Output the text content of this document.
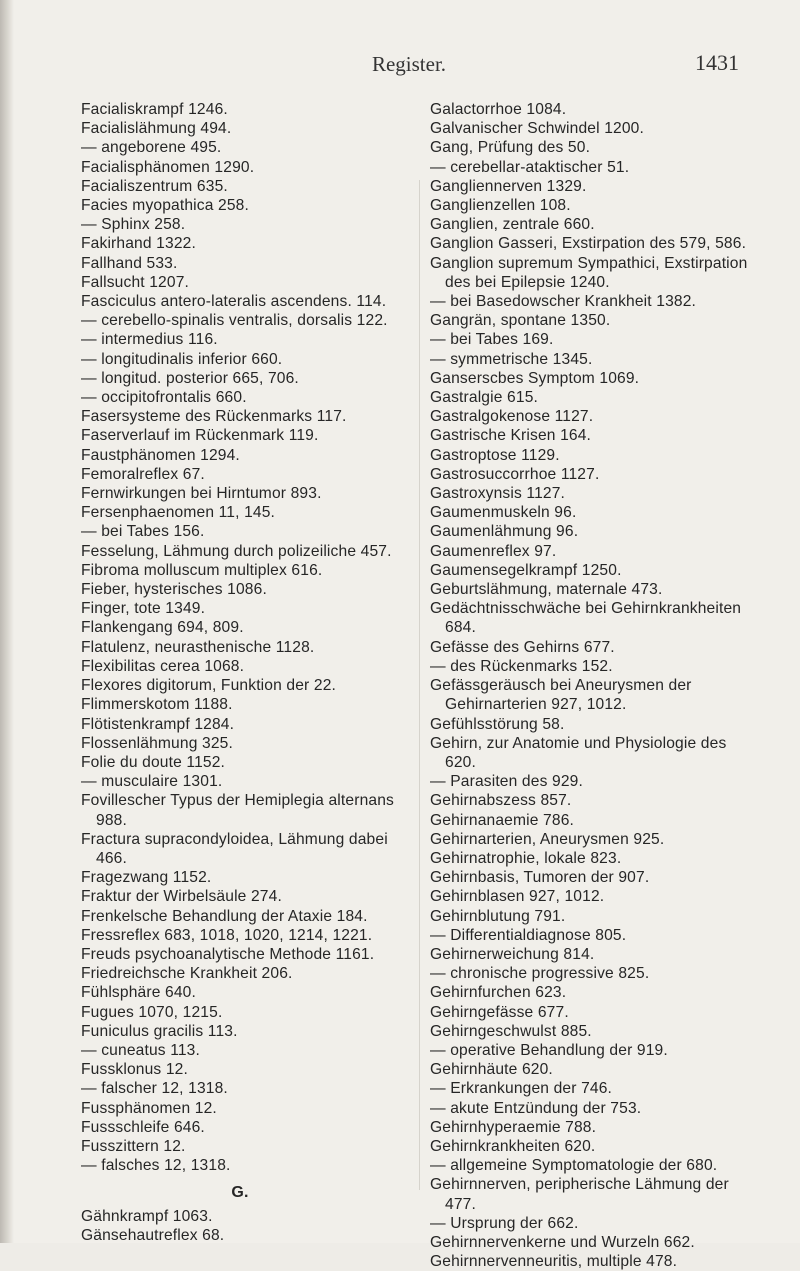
Register.	1431
Facialiskrampf 1246.
Facialislähmung 494.
— angeborene 495.
Facialisphänomen 1290.
Facialiszentrum 635.
Facies myopathica 258.
— Sphinx 258.
Fakirhand 1322.
Fallhand 533.
Fallsucht 1207.
Fasciculus antero-lateralis ascendens. 114.
— cerebello-spinalis ventralis, dorsalis 122.
— intermedius 116.
— longitudinalis inferior 660.
— longitud. posterior 665, 706.
— occipitofrontalis 660.
Fasersysteme des Rückenmarks 117.
Faserverlauf im Rückenmark 119.
Faustphänomen 1294.
Femoralreflex 67.
Fernwirkungen bei Hirntumor 893.
Fersenphaenomen 11, 145.
— bei Tabes 156.
Fesselung, Lähmung durch polizeiliche 457.
Fibroma molluscum multiplex 616.
Fieber, hysterisches 1086.
Finger, tote 1349.
Flankengang 694, 809.
Flatulenz, neurasthenische 1128.
Flexibilitas cerea 1068.
Flexores digitorum, Funktion der 22.
Flimmerskotom 1188.
Flötistenkrampf 1284.
Flossenlähmung 325.
Folie du doute 1152.
— musculaire 1301.
Fovillescher Typus der Hemiplegia alternans 988.
Fractura supracondyloidea, Lähmung dabei 466.
Fragezwang 1152.
Fraktur der Wirbelsäule 274.
Frenkelsche Behandlung der Ataxie 184.
Fressreflex 683, 1018, 1020, 1214, 1221.
Freuds psychoanalytische Methode 1161.
Friedreichsche Krankheit 206.
Fühlsphäre 640.
Fugues 1070, 1215.
Funiculus gracilis 113.
— cuneatus 113.
Fussklonus 12.
— falscher 12, 1318.
Fussphänomen 12.
Fussschleife 646.
Fusszittern 12.
— falsches 12, 1318.
G.
Gähnkrampf 1063.
Gänsehautreflex 68.
Galactorrhoe 1084.
Galvanischer Schwindel 1200.
Gang, Prüfung des 50.
— cerebellar-ataktischer 51.
Gangliennerven 1329.
Ganglienzellen 108.
Ganglien, zentrale 660.
Ganglion Gasseri, Exstirpation des 579, 586.
Ganglion supremum Sympathici, Exstirpation des bei Epilepsie 1240.
— bei Basedowscher Krankheit 1382.
Gangrän, spontane 1350.
— bei Tabes 169.
— symmetrische 1345.
Ganserscbes Symptom 1069.
Gastralgie 615.
Gastralgokenose 1127.
Gastrische Krisen 164.
Gastroptose 1129.
Gastrosuccorrhoe 1127.
Gastroxynsis 1127.
Gaumenmuskeln 96.
Gaumenlähmung 96.
Gaumenreflex 97.
Gaumensegelkrampf 1250.
Geburtslähmung, maternale 473.
Gedächtnisschwäche bei Gehirnkrankheiten 684.
Gefässe des Gehirns 677.
— des Rückenmarks 152.
Gefässgeräusch bei Aneurysmen der Gehirnarterien 927, 1012.
Gefühlsstörung 58.
Gehirn, zur Anatomie und Physiologie des 620.
— Parasiten des 929.
Gehirnabszess 857.
Gehirnanaemie 786.
Gehirnarterien, Aneurysmen 925.
Gehirnatrophie, lokale 823.
Gehirnbasis, Tumoren der 907.
Gehirnblasen 927, 1012.
Gehirnblutung 791.
— Differentialdiagnose 805.
Gehirnerweichung 814.
— chronische progressive 825.
Gehirnfurchen 623.
Gehirngefässe 677.
Gehirngeschwulst 885.
— operative Behandlung der 919.
Gehirnhäute 620.
— Erkrankungen der 746.
— akute Entzündung der 753.
Gehirnhyperaemie 788.
Gehirnkrankheiten 620.
— allgemeine Symptomatologie der 680.
Gehirnnerven, peripherische Lähmung der 477.
— Ursprung der 662.
Gehirnnervenkerne und Wurzeln 662.
Gehirnnervenneuritis, multiple 478.
